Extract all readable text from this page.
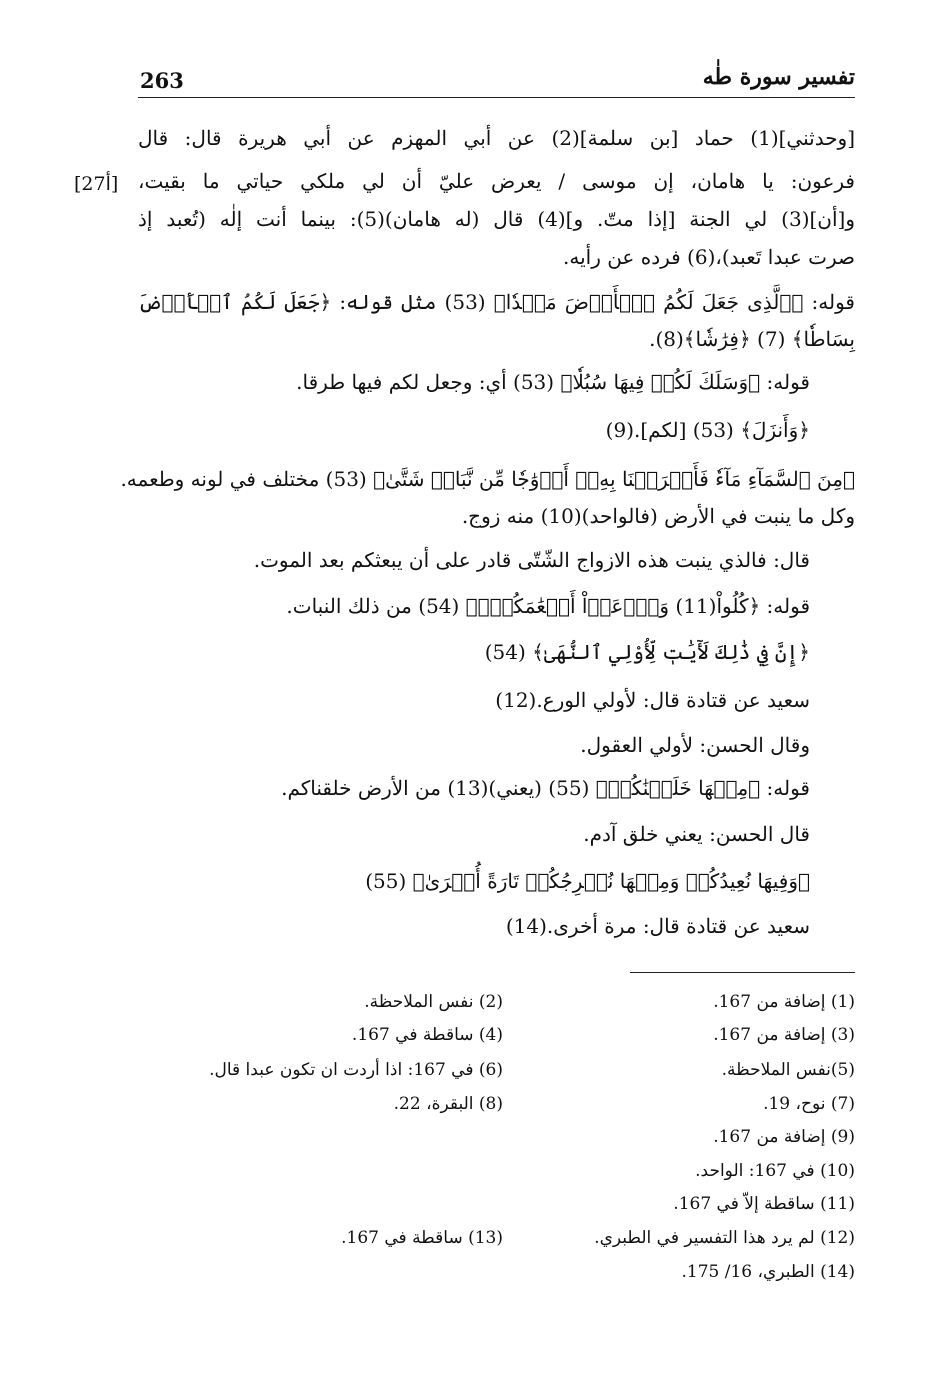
263	تفسير سورة طٰه
[27أ]
[وحدثني](1) حماد [بن سلمة](2) عن أبي المهزم عن أبي هريرة قال: قال
فرعون: يا هامان، إن موسى / يعرض عليّ أن لي ملكي حياتي ما بقيت،
و[أن](3) لي الجنة [إذا متّ. و](4) قال (له هامان)(5): بينما أنت إلٰه (تُعبد إذ
صرت عبدا تَعبد)،(6) فرده عن رأيه.
قوله: ﴿ٱلَّذِى جَعَلَ لَكُمُ ٱلۡأَرۡضَ مَهۡدٗا﴾ (53) مثل قوله: ﴿جَعَلَ لَكُمُ ٱلۡأَرۡضَ
بِسَاطٗا﴾ (7) ﴿فِرَٰشٗا﴾(8).
قوله: ﴿وَسَلَكَ لَكُمۡ فِيهَا سُبُلٗا﴾ (53) أي: وجعل لكم فيها طرقا.
﴿وَأَنزَلَ﴾ (53) [لكم].(9)
﴿مِنَ ٱلسَّمَآءِ مَآءٗ فَأَخۡرَجۡنَا بِهِۦٓ أَزۡوَٰجٗا مِّن نَّبَاتٖ شَتَّىٰ﴾ (53) مختلف في لونه وطعمه.
وكل ما ينبت في الأرض (فالواحد)(10) منه زوج.
قال: فالذي ينبت هذه الازواج الشّتّى قادر على أن يبعثكم بعد الموت.
قوله: ﴿كُلُواْ(11) وَٱرۡعَوۡاْ أَنۡعَٰمَكُمۡۚ﴾ (54) من ذلك النبات.
﴿إِنَّ فِي ذَٰلِكَ لَأٓيَٰتٖ لِّأُوْلِي ٱلنُّهَىٰ﴾ (54)
سعيد عن قتادة قال: لأولي الورع.(12)
وقال الحسن: لأولي العقول.
قوله: ﴿مِنۡهَا خَلَقۡنَٰكُمۡ﴾ (55) (يعني)(13) من الأرض خلقناكم.
قال الحسن: يعني خلق آدم.
﴿وَفِيهَا نُعِيدُكُمۡ وَمِنۡهَا نُخۡرِجُكُمۡ تَارَةً أُخۡرَىٰ﴾ (55)
سعيد عن قتادة قال: مرة أخرى.(14)
(1) إضافة من 167.
(3) إضافة من 167.
(5)نفس الملاحظة.
(7) نوح، 19.
(9) إضافة من 167.
(10) في 167: الواحد.
(11) ساقطة إلاّ في 167.
(12) لم يرد هذا التفسير في الطبري.
(14) الطبري، 16/ 175.
(2) نفس الملاحظة.
(4) ساقطة في 167.
(6) في 167: اذا أردت ان تكون عبدا قال.
(8) البقرة، 22.
(13) ساقطة في 167.
